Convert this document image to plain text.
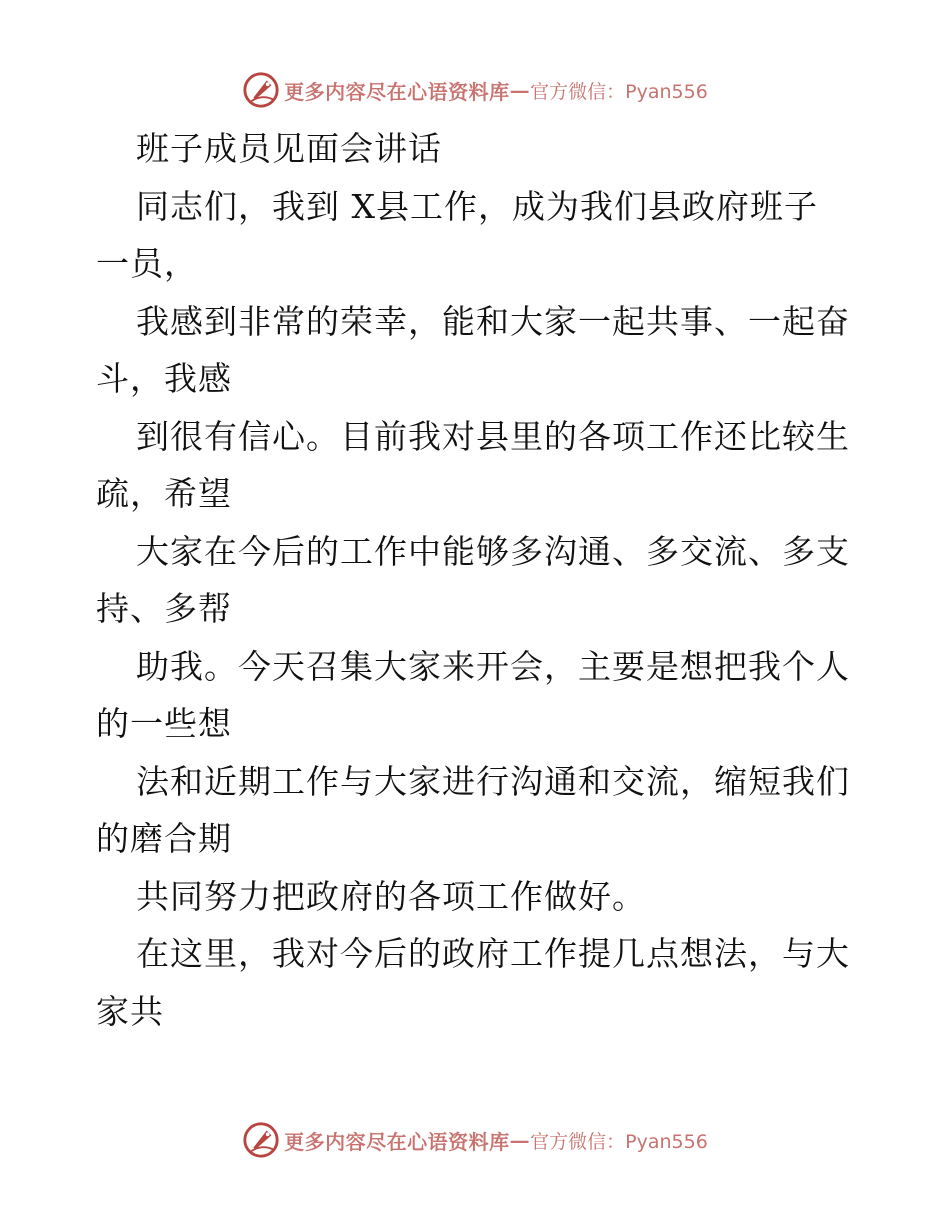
更多内容尽在心语资料库 — 官方微信：Pyan556
班子成员见面会讲话
同志们，我到 X县工作，成为我们县政府班子
一员，
我感到非常的荣幸，能和大家一起共事、一起奋
斗，我感
到很有信心。目前我对县里的各项工作还比较生
疏，希望
大家在今后的工作中能够多沟通、多交流、多支
持、多帮
助我。今天召集大家来开会，主要是想把我个人
的一些想
法和近期工作与大家进行沟通和交流，缩短我们
的磨合期
共同努力把政府的各项工作做好。
在这里，我对今后的政府工作提几点想法，与大
家共
更多内容尽在心语资料库 — 官方微信：Pyan556
